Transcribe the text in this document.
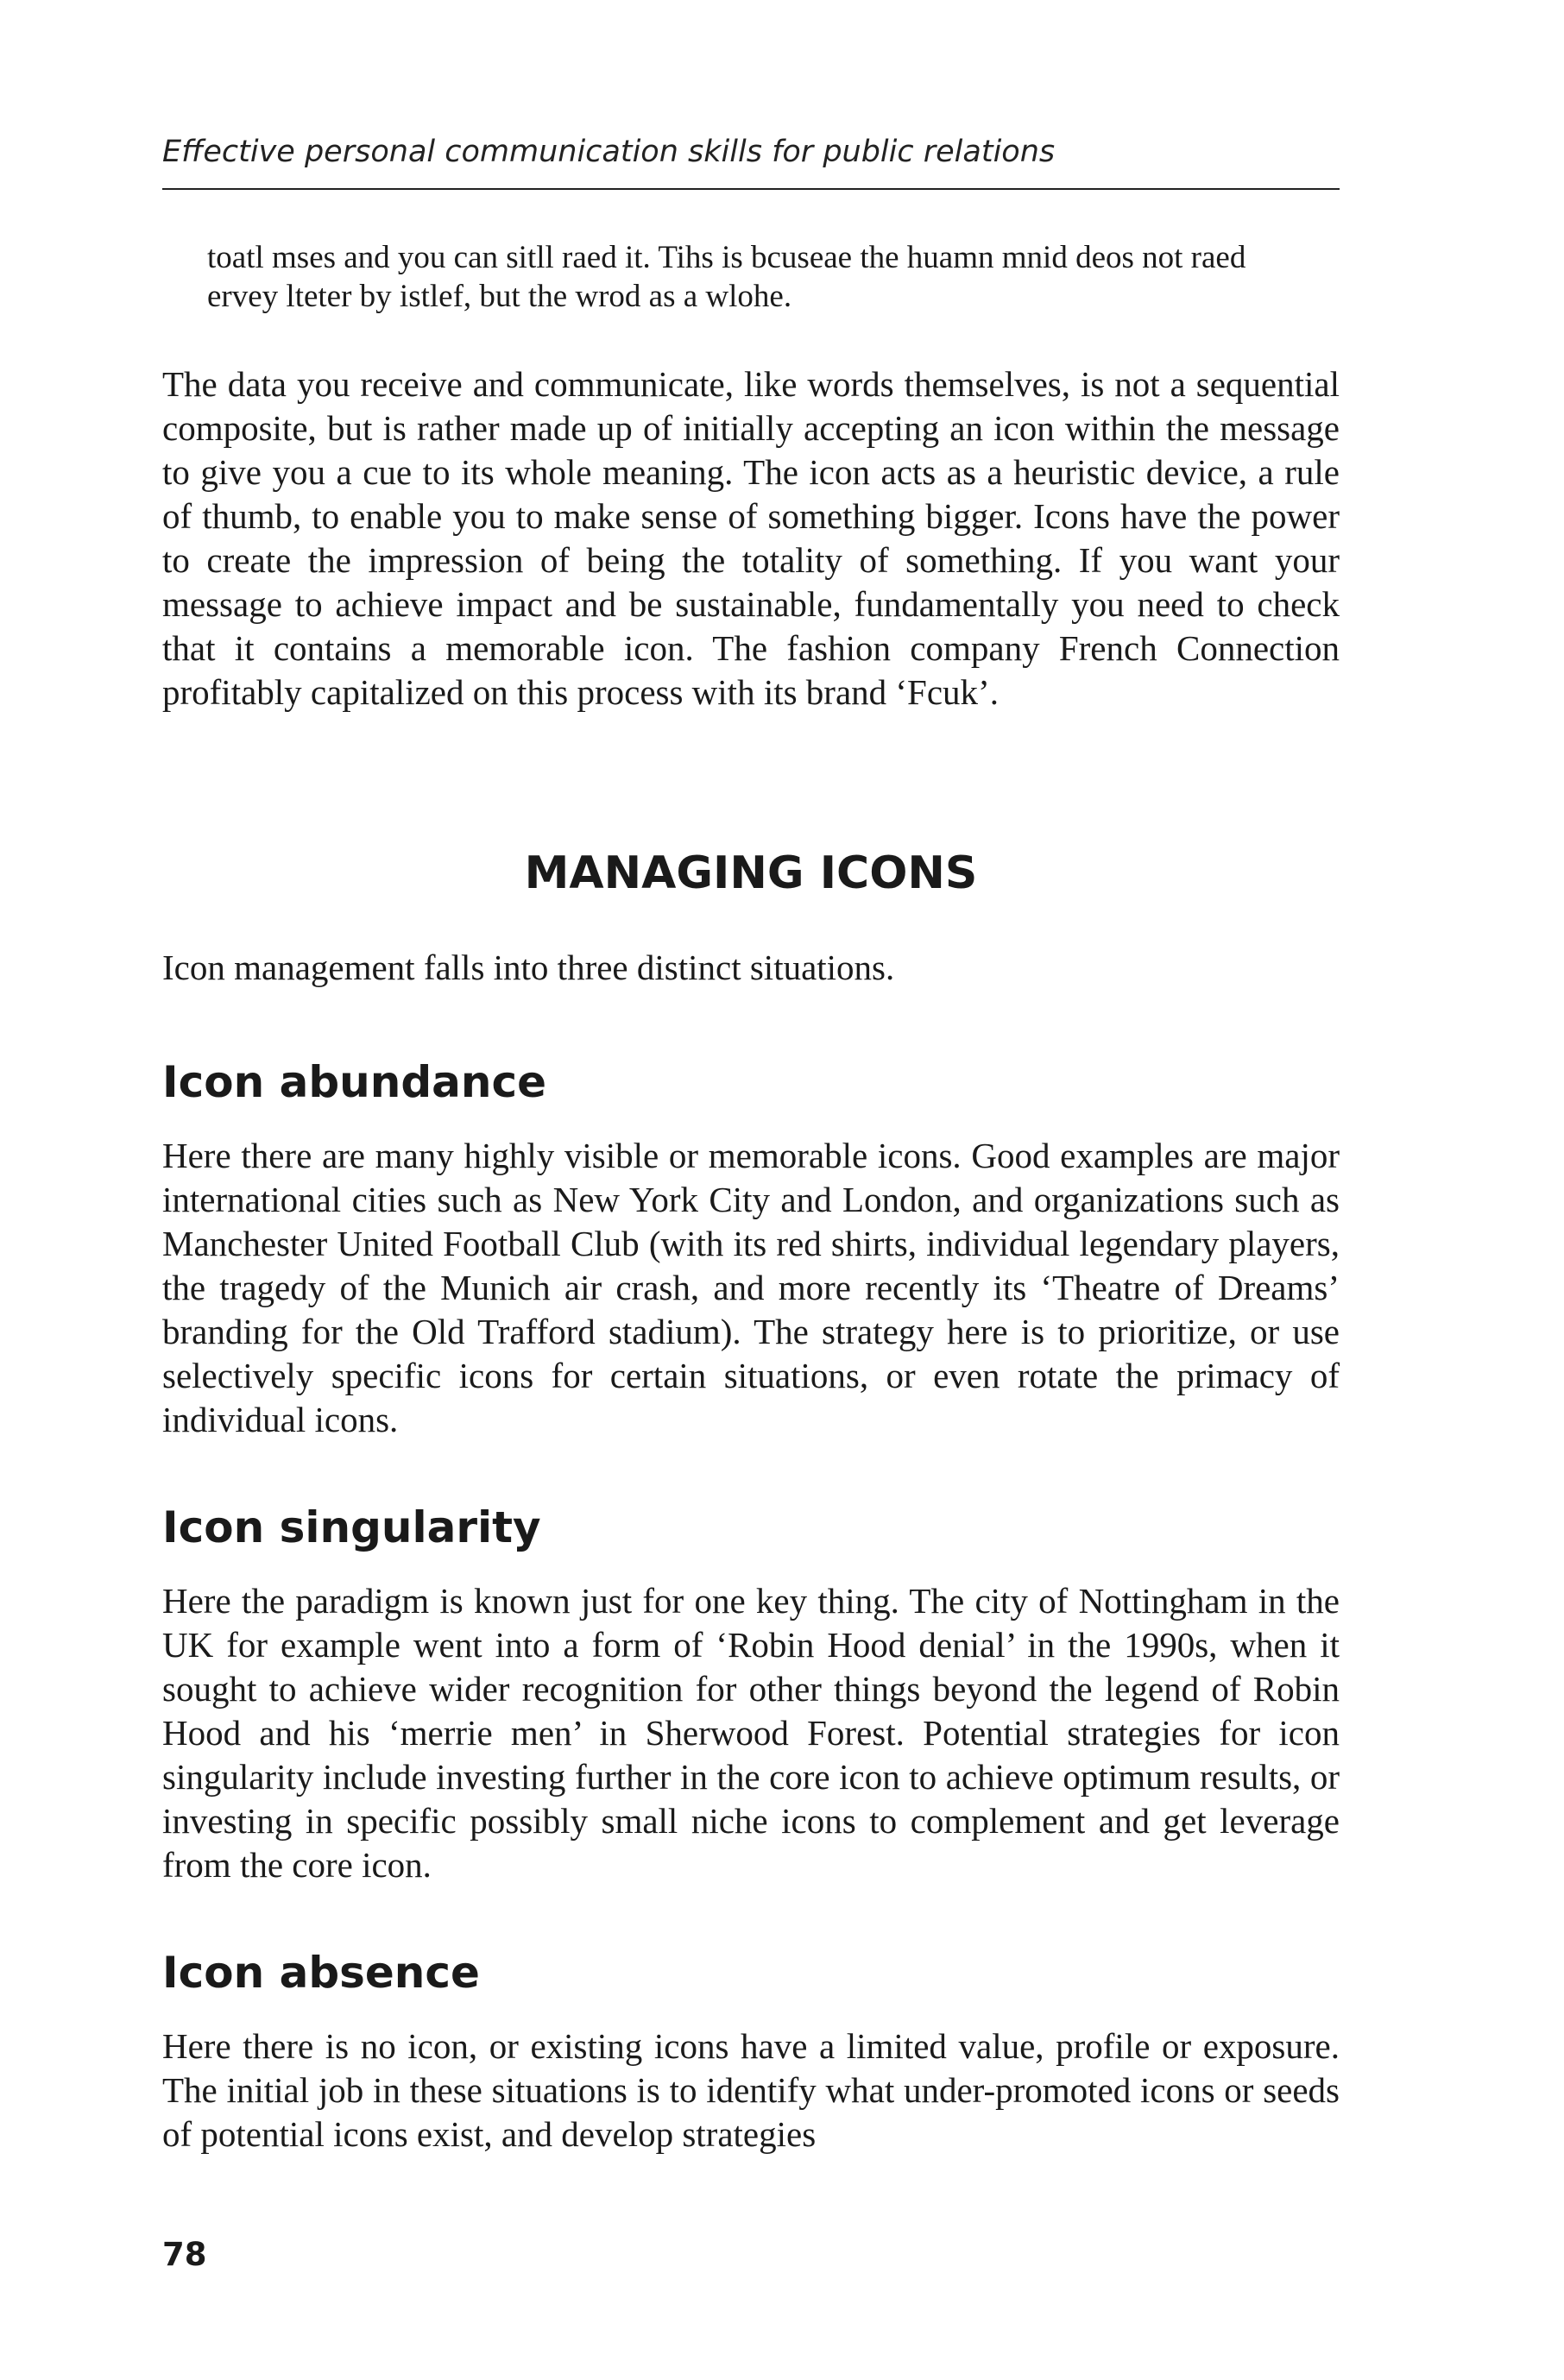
Effective personal communication skills for public relations

toatl mses and you can sitll raed it. Tihs is bcuseae the huamn mnid deos not raed ervey lteter by istlef, but the wrod as a wlohe.

The data you receive and communicate, like words themselves, is not a sequential composite, but is rather made up of initially accepting an icon within the message to give you a cue to its whole meaning. The icon acts as a heuristic device, a rule of thumb, to enable you to make sense of something bigger. Icons have the power to create the impression of being the totality of something. If you want your message to achieve impact and be sustainable, fundamentally you need to check that it contains a memorable icon. The fashion company French Connection profitably capitalized on this process with its brand ‘Fcuk’.

MANAGING ICONS

Icon management falls into three distinct situations.

Icon abundance

Here there are many highly visible or memorable icons. Good examples are major international cities such as New York City and London, and organizations such as Manchester United Football Club (with its red shirts, individual legendary players, the tragedy of the Munich air crash, and more recently its ‘Theatre of Dreams’ branding for the Old Trafford stadium). The strategy here is to prioritize, or use selectively specific icons for certain situations, or even rotate the primacy of individual icons.

Icon singularity

Here the paradigm is known just for one key thing. The city of Nottingham in the UK for example went into a form of ‘Robin Hood denial’ in the 1990s, when it sought to achieve wider recognition for other things beyond the legend of Robin Hood and his ‘merrie men’ in Sherwood Forest. Potential strategies for icon singularity include investing further in the core icon to achieve optimum results, or investing in specific possibly small niche icons to complement and get leverage from the core icon.

Icon absence

Here there is no icon, or existing icons have a limited value, profile or exposure. The initial job in these situations is to identify what under-promoted icons or seeds of potential icons exist, and develop strategies

78
